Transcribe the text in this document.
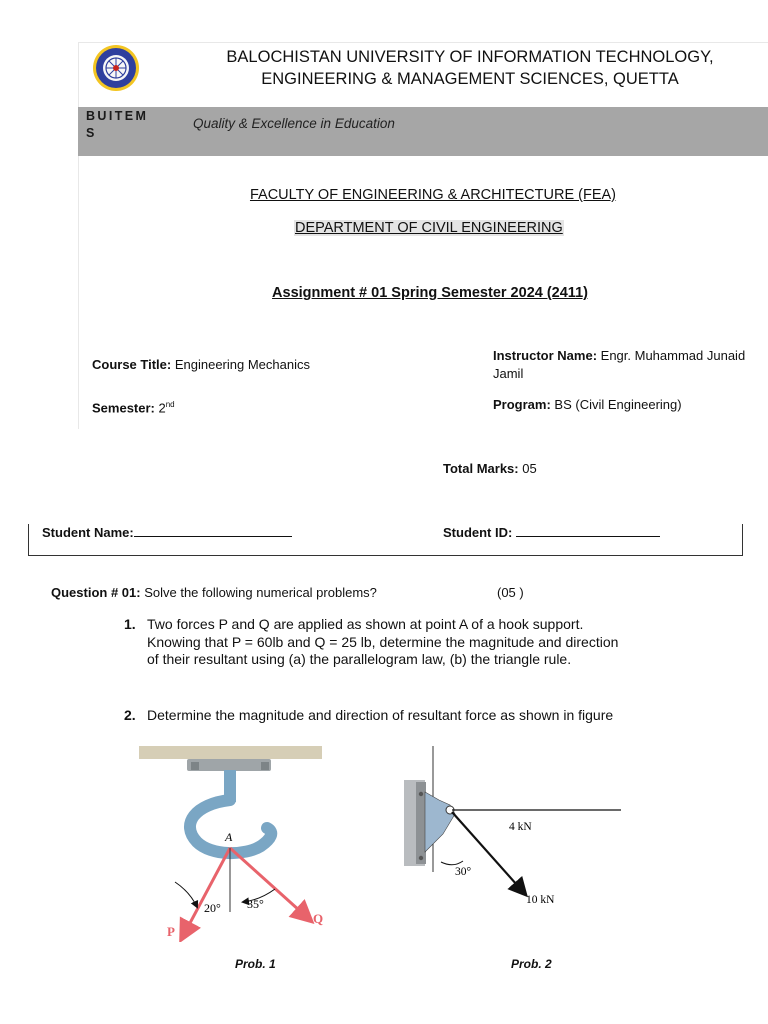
BALOCHISTAN UNIVERSITY OF INFORMATION TECHNOLOGY,
ENGINEERING & MANAGEMENT SCIENCES, QUETTA
BUITEM
S
Quality & Excellence in Education
FACULTY OF ENGINEERING & ARCHITECTURE (FEA)
DEPARTMENT OF CIVIL ENGINEERING
Assignment # 01 Spring Semester 2024 (2411)
Course Title: Engineering Mechanics
Instructor Name: Engr. Muhammad Junaid
Jamil
Semester: 2nd	Program: BS (Civil Engineering)
Total Marks: 05
Student Name:	Student ID:
Question # 01: Solve the following numerical problems?	(05 )
1. Two forces P and Q are applied as shown at point A of a hook support.
Knowing that P = 60lb and Q = 25 lb, determine the magnitude and direction
of their resultant using (a) the parallelogram law, (b) the triangle rule.
2. Determine the magnitude and direction of resultant force as shown in figure
A
20° 35°
P
Q
4 kN
10 kN
30°
Prob. 1	Prob. 2
